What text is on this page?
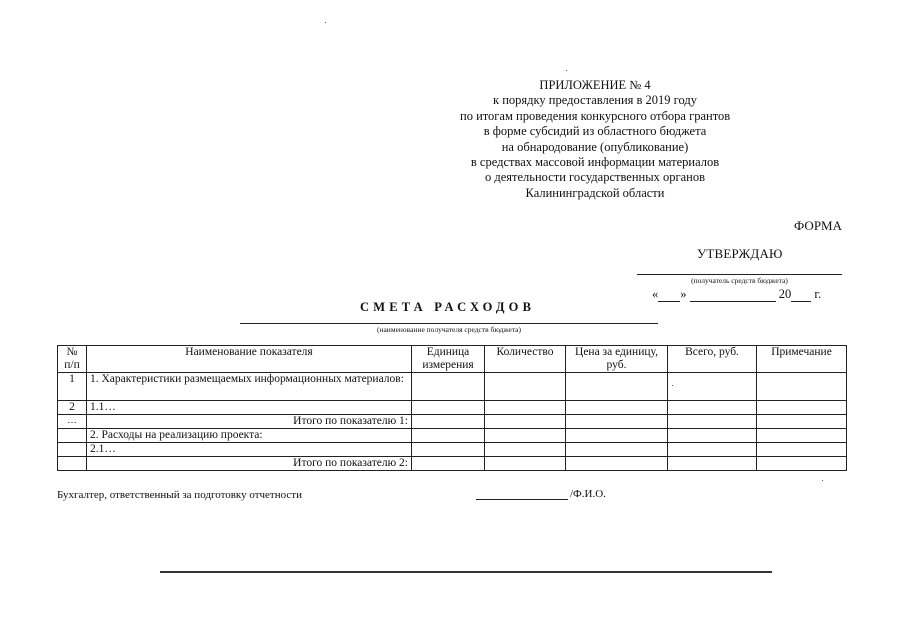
ПРИЛОЖЕНИЕ № 4
к порядку предоставления в 2019 году
по итогам проведения конкурсного отбора грантов
в форме субсидий из областного бюджета
на обнародование (опубликование)
в средствах массовой информации материалов
о деятельности государственных органов
Калининградской области
ФОРМА
УТВЕРЖДАЮ
(получатель средств бюджета)
« »	20 г.
СМЕТА РАСХОДОВ
(наименование получателя средств бюджета)
№ п/п	Наименование показателя	Единица измерения	Количество	Цена за единицу, руб.	Всего, руб.	Примечание
1	1. Характеристики размещаемых информационных материалов:					
2	1.1…					
…	Итого по показателю 1:					
	2. Расходы на реализацию проекта:					
	2.1…					
	Итого по показателю 2:					
Бухгалтер, ответственный за подготовку отчетности	/Ф.И.О.
